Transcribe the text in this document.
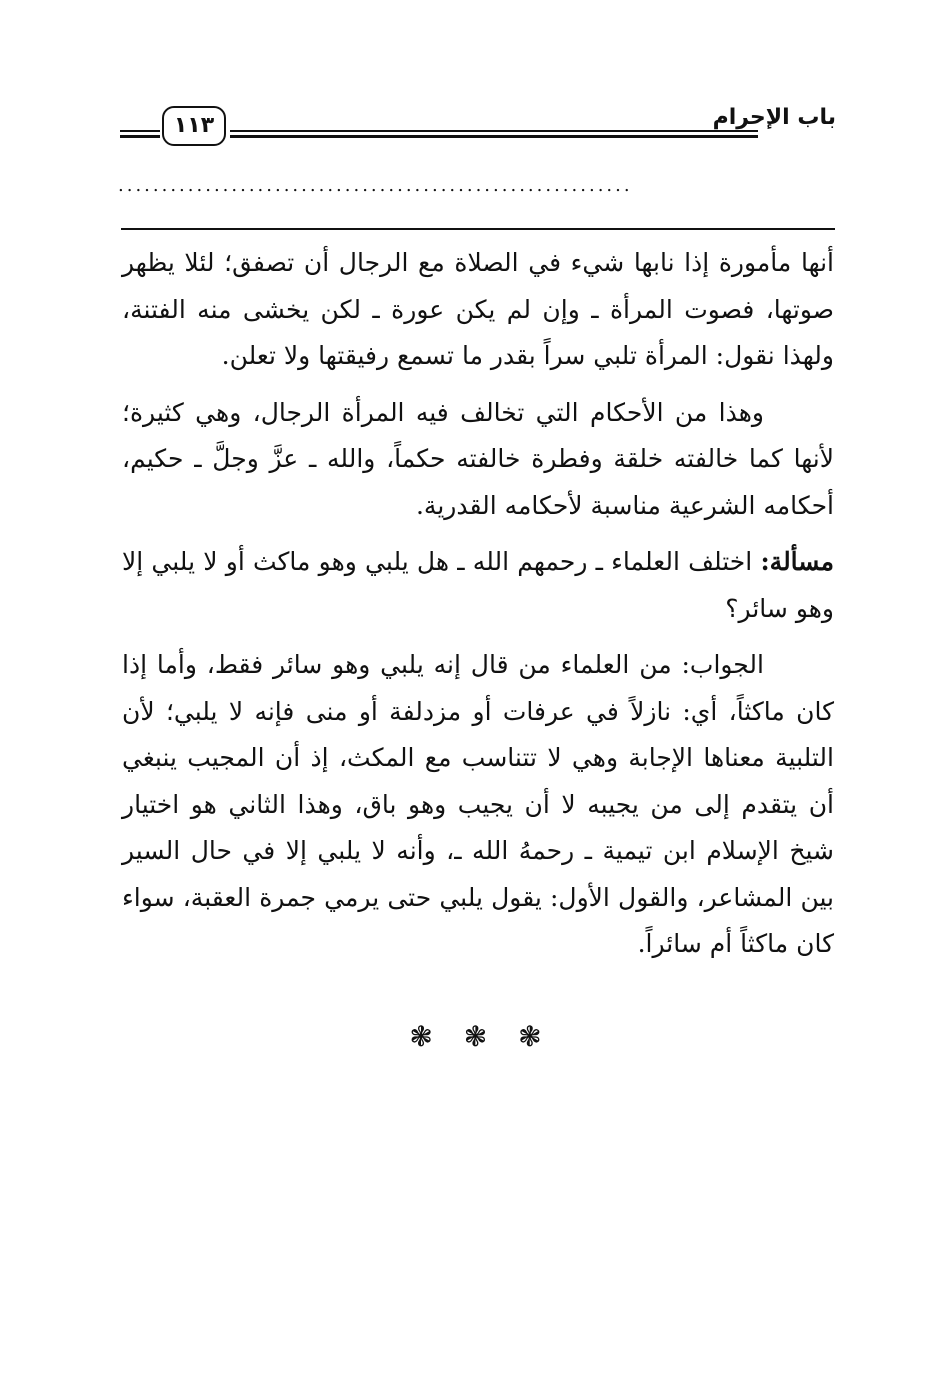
باب الإحرام
١١٣
...........................................................

أنها مأمورة إذا نابها شيء في الصلاة مع الرجال أن تصفق؛ لئلا يظهر صوتها، فصوت المرأة ـ وإن لم يكن عورة ـ لكن يخشى منه الفتنة، ولهذا نقول: المرأة تلبي سراً بقدر ما تسمع رفيقتها ولا تعلن.

وهذا من الأحكام التي تخالف فيه المرأة الرجال، وهي كثيرة؛ لأنها كما خالفته خلقة وفطرة خالفته حكماً، والله ـ عزَّ وجلَّ ـ حكيم، أحكامه الشرعية مناسبة لأحكامه القدرية.

مسألة: اختلف العلماء ـ رحمهم الله ـ هل يلبي وهو ماكث أو لا يلبي إلا وهو سائر؟

الجواب: من العلماء من قال إنه يلبي وهو سائر فقط، وأما إذا كان ماكثاً، أي: نازلاً في عرفات أو مزدلفة أو منى فإنه لا يلبي؛ لأن التلبية معناها الإجابة وهي لا تتناسب مع المكث، إذ أن المجيب ينبغي أن يتقدم إلى من يجيبه لا أن يجيب وهو باق، وهذا الثاني هو اختيار شيخ الإسلام ابن تيمية ـ رحمهُ الله ـ، وأنه لا يلبي إلا في حال السير بين المشاعر، والقول الأول: يقول يلبي حتى يرمي جمرة العقبة، سواء كان ماكثاً أم سائراً.

❃ ❃ ❃
